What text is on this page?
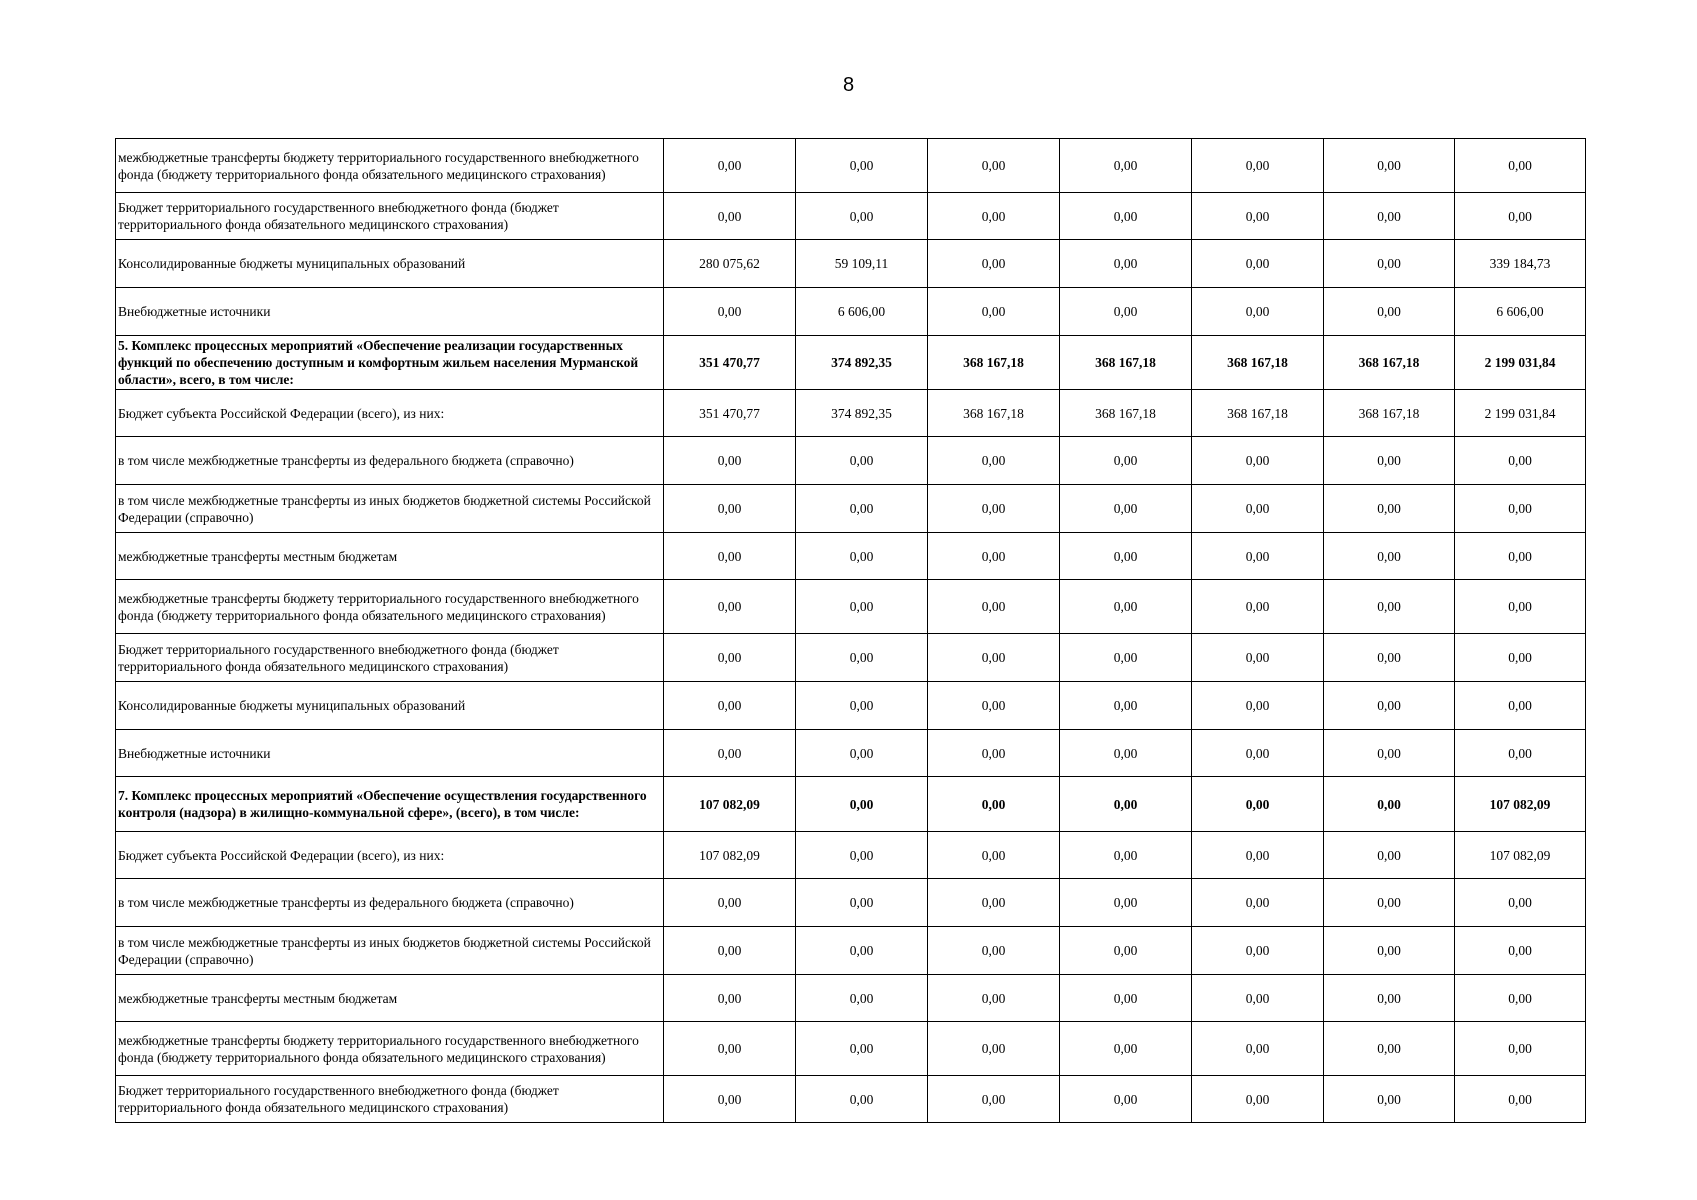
8
межбюджетные трансферты бюджету территориального государственного внебюджетного фонда (бюджету территориального фонда обязательного медицинского страхования)	0,00	0,00	0,00	0,00	0,00	0,00	0,00
Бюджет территориального государственного внебюджетного фонда (бюджет территориального фонда обязательного медицинского страхования)	0,00	0,00	0,00	0,00	0,00	0,00	0,00
Консолидированные бюджеты муниципальных образований	280 075,62	59 109,11	0,00	0,00	0,00	0,00	339 184,73
Внебюджетные источники	0,00	6 606,00	0,00	0,00	0,00	0,00	6 606,00
5. Комплекс процессных мероприятий «Обеспечение реализации государственных функций по обеспечению доступным и комфортным жильем населения Мурманской области», всего, в том числе:	351 470,77	374 892,35	368 167,18	368 167,18	368 167,18	368 167,18	2 199 031,84
Бюджет субъекта Российской Федерации (всего), из них:	351 470,77	374 892,35	368 167,18	368 167,18	368 167,18	368 167,18	2 199 031,84
в том числе межбюджетные трансферты из федерального бюджета (справочно)	0,00	0,00	0,00	0,00	0,00	0,00	0,00
в том числе межбюджетные трансферты из иных бюджетов бюджетной системы Российской Федерации (справочно)	0,00	0,00	0,00	0,00	0,00	0,00	0,00
межбюджетные трансферты местным бюджетам	0,00	0,00	0,00	0,00	0,00	0,00	0,00
межбюджетные трансферты бюджету территориального государственного внебюджетного фонда (бюджету территориального фонда обязательного медицинского страхования)	0,00	0,00	0,00	0,00	0,00	0,00	0,00
Бюджет территориального государственного внебюджетного фонда (бюджет территориального фонда обязательного медицинского страхования)	0,00	0,00	0,00	0,00	0,00	0,00	0,00
Консолидированные бюджеты муниципальных образований	0,00	0,00	0,00	0,00	0,00	0,00	0,00
Внебюджетные источники	0,00	0,00	0,00	0,00	0,00	0,00	0,00
7. Комплекс процессных мероприятий «Обеспечение осуществления государственного контроля (надзора) в жилищно-коммунальной сфере», (всего), в том числе:	107 082,09	0,00	0,00	0,00	0,00	0,00	107 082,09
Бюджет субъекта Российской Федерации (всего), из них:	107 082,09	0,00	0,00	0,00	0,00	0,00	107 082,09
в том числе межбюджетные трансферты из федерального бюджета (справочно)	0,00	0,00	0,00	0,00	0,00	0,00	0,00
в том числе межбюджетные трансферты из иных бюджетов бюджетной системы Российской Федерации (справочно)	0,00	0,00	0,00	0,00	0,00	0,00	0,00
межбюджетные трансферты местным бюджетам	0,00	0,00	0,00	0,00	0,00	0,00	0,00
межбюджетные трансферты бюджету территориального государственного внебюджетного фонда (бюджету территориального фонда обязательного медицинского страхования)	0,00	0,00	0,00	0,00	0,00	0,00	0,00
Бюджет территориального государственного внебюджетного фонда (бюджет территориального фонда обязательного медицинского страхования)	0,00	0,00	0,00	0,00	0,00	0,00	0,00
